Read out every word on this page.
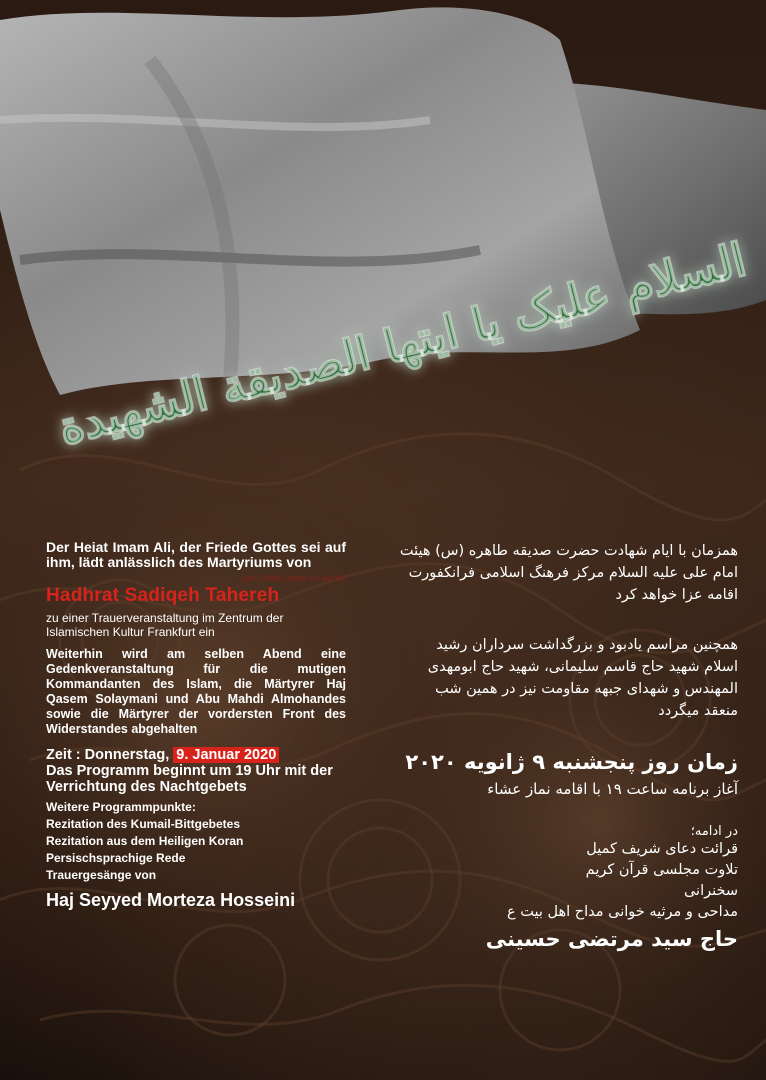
السلام علیک یا ایتها الصدیقة الشهیدة

Der Heiat Imam Ali, der Friede Gottes sei auf ihm, lädt anlässlich des Martyriums von

(der Friede Gottes sei auf ihr)

Hadhrat Sadiqeh Tahereh

zu einer Trauerveranstaltung im Zentrum der Islamischen Kultur Frankfurt ein

Weiterhin wird am selben Abend eine Gedenkveranstaltung für die mutigen Kommandanten des Islam, die Märtyrer Haj Qasem Solaymani und Abu Mahdi Almohandes sowie die Märtyrer der vordersten Front des Widerstandes abgehalten

Zeit : Donnerstag, 9. Januar 2020

Das Programm beginnt um 19 Uhr mit der Verrichtung des Nachtgebets

Weitere Programmpunkte:

Rezitation des Kumail-Bittgebetes
Rezitation aus dem Heiligen Koran
Persischsprachige Rede
Trauergesänge von

Haj Seyyed Morteza Hosseini

همزمان با ایام شهادت حضرت صدیقه طاهره (س) هیئت امام علی علیه السلام مرکز فرهنگ اسلامی فرانکفورت اقامه عزا خواهد کرد

همچنین مراسم یادبود و بزرگداشت سرداران رشید اسلام شهید حاج قاسم سلیمانی، شهید حاج ابومهدی المهندس و شهدای جبهه مقاومت نیز در همین شب منعقد میگردد

زمان روز پنجشنبه ۹ ژانویه ۲۰۲۰

آغاز برنامه ساعت ۱۹ با اقامه نماز عشاء

در ادامه؛

قرائت دعای شریف کمیل
تلاوت مجلسی قرآن کریم
سخنرانی
مداحی و مرثیه خوانی مداح اهل بیت ع

حاج سید مرتضی حسینی
